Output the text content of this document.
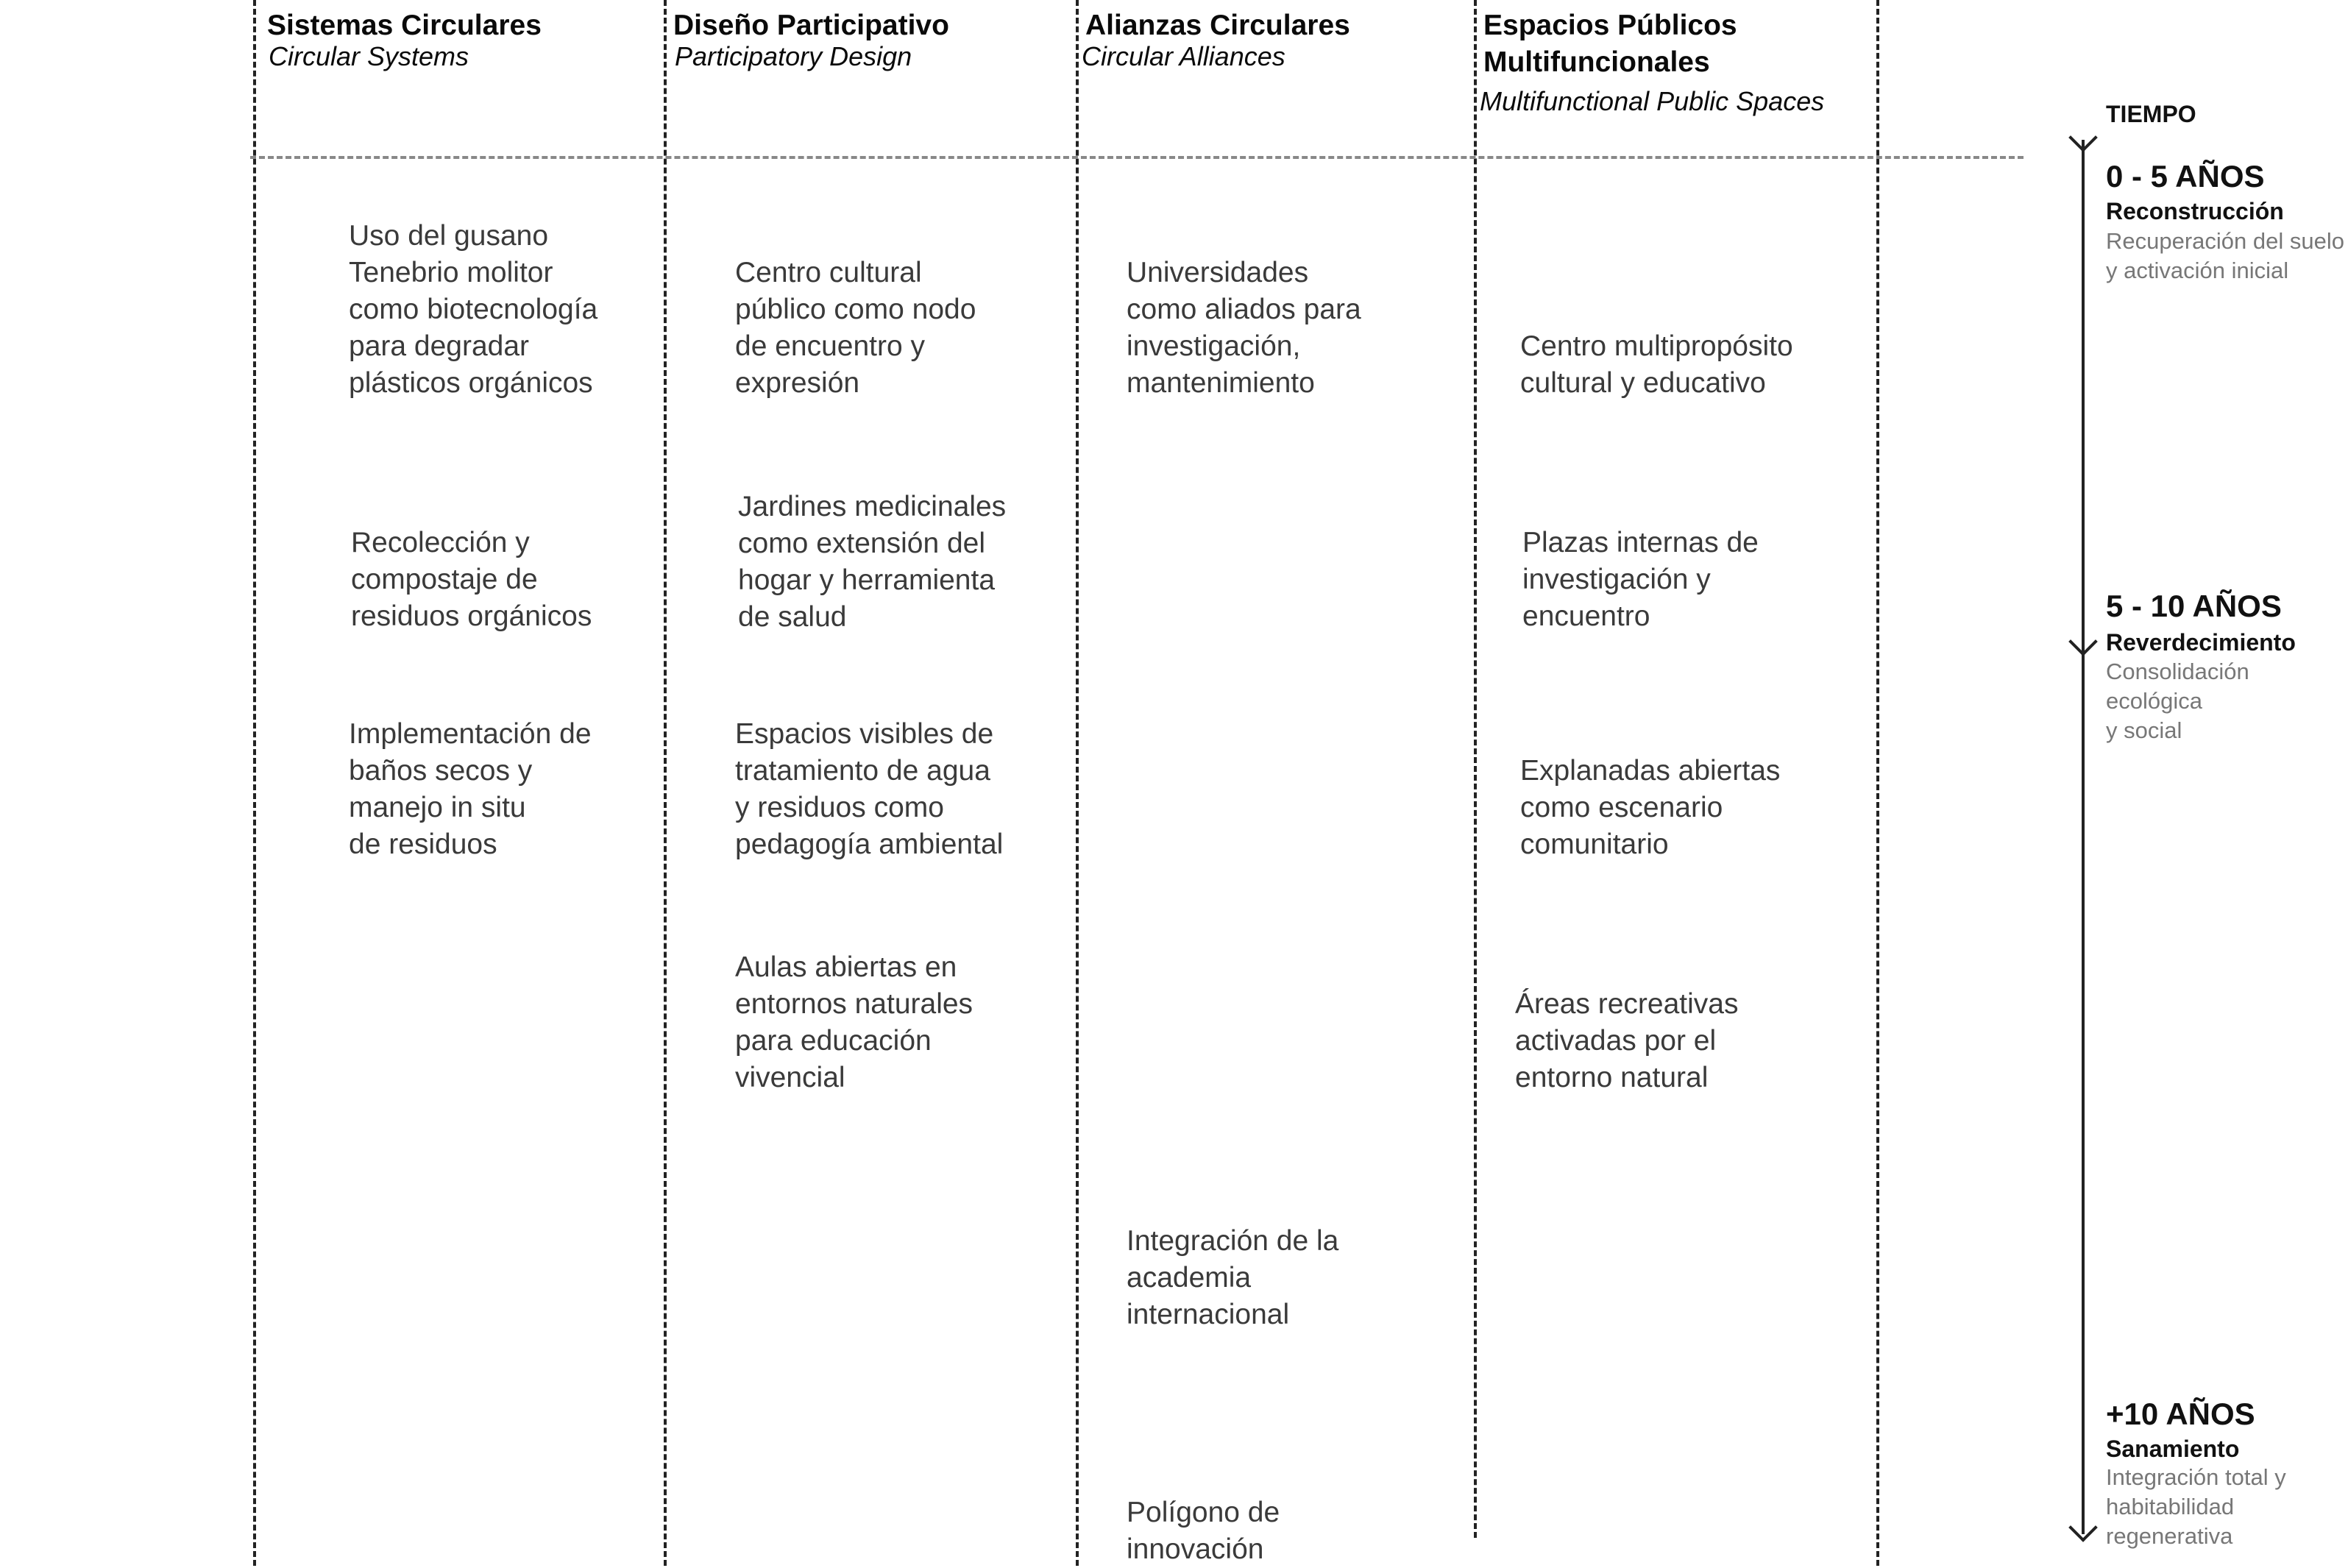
Sistemas Circulares
Circular Systems
Diseño Participativo
Participatory Design
Alianzas Circulares
Circular Alliances
Espacios Públicos
Multifuncionales
Multifunctional Public Spaces
Uso del gusano
Tenebrio molitor
como biotecnología
para degradar
plásticos orgánicos
Recolección y
compostaje de
residuos orgánicos
Implementación de
baños secos y
manejo in situ
de residuos
Centro cultural
público como nodo
de encuentro y
expresión
Jardines medicinales
como extensión del
hogar y herramienta
de salud
Espacios visibles de
tratamiento de agua
y residuos como
pedagogía ambiental
Aulas abiertas en
entornos naturales
para educación
vivencial
Universidades
como aliados para
investigación,
mantenimiento
Integración de la
academia
internacional
Polígono de
innovación
Centro multipropósito
cultural y educativo
Plazas internas de
investigación y
encuentro
Explanadas abiertas
como escenario
comunitario
Áreas recreativas
activadas por el
entorno natural
TIEMPO
0 - 5 AÑOS
Reconstrucción
Recuperación del suelo
y activación inicial
5 - 10 AÑOS
Reverdecimiento
Consolidación ecológica
y social
+10 AÑOS
Sanamiento
Integración total y
habitabilidad regenerativa
